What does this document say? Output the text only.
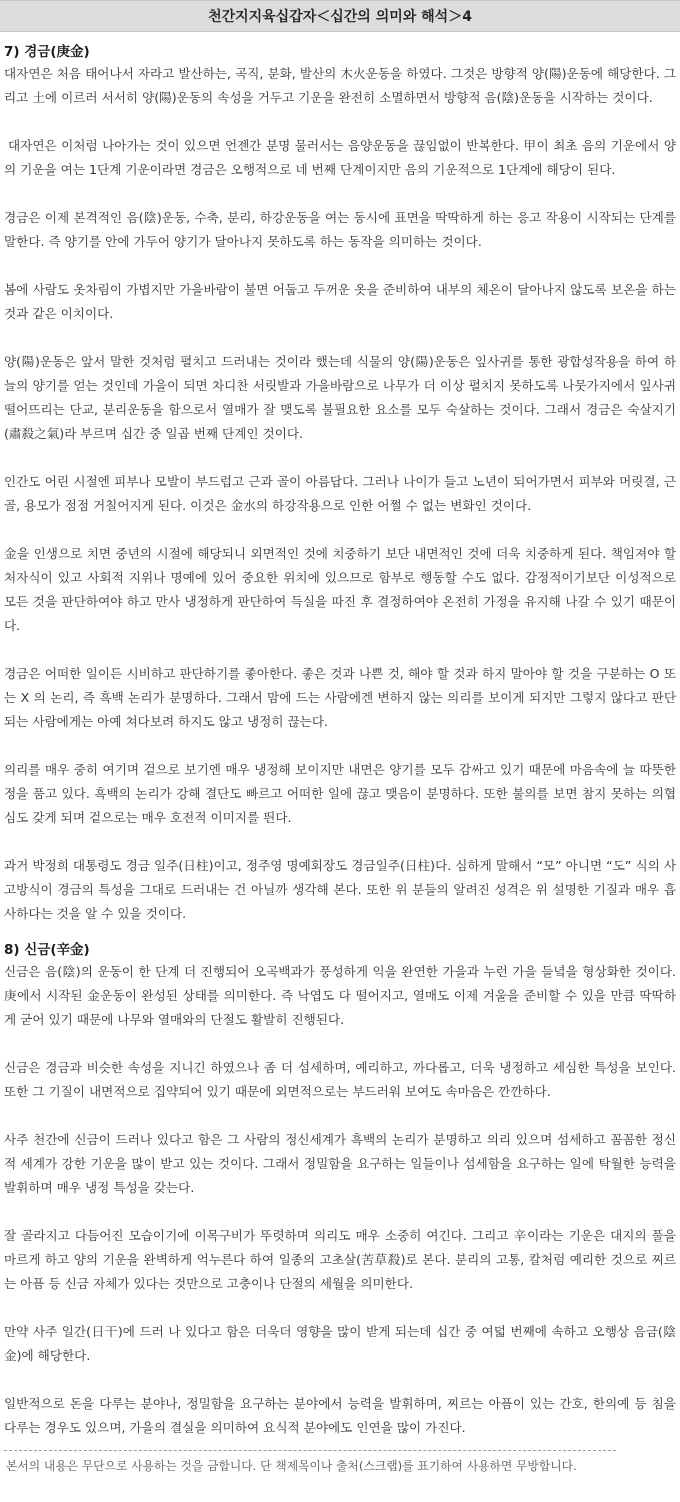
천간지지육십갑자＜십간의 의미와 해석＞4
7) 경금(庚金)

대자연은 처음 태어나서 자라고 발산하는, 곡직, 분화, 발산의 木火운동을 하였다. 그것은 방향적 양(陽)운동에 해당한다. 그리고 土에 이르러 서서히 양(陽)운동의 속성을 거두고 기운을 완전히 소멸하면서 방향적 음(陰)운동을 시작하는 것이다.

대자연은 이처럼 나아가는 것이 있으면 언젠간 분명 물러서는 음양운동을 끊임없이 반복한다. 甲이 최초 음의 기운에서 양의 기운을 여는 1단계 기운이라면 경금은 오행적으로 네 번째 단계이지만 음의 기운적으로 1단계에 해당이 된다.

경금은 이제 본격적인 음(陰)운동, 수축, 분리, 하강운동을 여는 동시에 표면을 딱딱하게 하는 응고 작용이 시작되는 단계를 말한다. 즉 양기를 안에 가두어 양기가 달아나지 못하도록 하는 동작을 의미하는 것이다.

봄에 사람도 옷차림이 가볍지만 가을바람이 불면 어둡고 두꺼운 옷을 준비하여 내부의 체온이 달아나지 않도록 보온을 하는 것과 같은 이치이다.

양(陽)운동은 앞서 말한 것처럼 펼치고 드러내는 것이라 했는데 식물의 양(陽)운동은 잎사귀를 통한 광합성작용을 하여 하늘의 양기를 얻는 것인데 가을이 되면 차디찬 서릿발과 가을바람으로 나무가 더 이상 펼치지 못하도록 나뭇가지에서 잎사귀 떨어뜨리는 단교, 분리운동을 함으로서 열매가 잘 맺도록 불필요한 요소를 모두 숙살하는 것이다. 그래서 경금은 숙살지기(肅殺之氣)라 부르며 십간 중 일곱 번째 단계인 것이다.

인간도 어린 시절엔 피부나 모발이 부드럽고 근과 골이 아름답다. 그러나 나이가 들고 노년이 되어가면서 피부와 머릿결, 근골, 용모가 점점 거칠어지게 된다. 이것은 金水의 하강작용으로 인한 어쩔 수 없는 변화인 것이다.

金을 인생으로 치면 중년의 시절에 해당되니 외면적인 것에 치중하기 보단 내면적인 것에 더욱 치중하게 된다. 책임져야 할 처자식이 있고 사회적 지위나 명예에 있어 중요한 위치에 있으므로 함부로 행동할 수도 없다. 감정적이기보단 이성적으로 모든 것을 판단하여야 하고 만사 냉정하게 판단하여 득실을 따진 후 결정하여야 온전히 가정을 유지해 나갈 수 있기 때문이다.

경금은 어떠한 일이든 시비하고 판단하기를 좋아한다. 좋은 것과 나쁜 것, 해야 할 것과 하지 말아야 할 것을 구분하는 O 또는 X 의 논리, 즉 흑백 논리가 분명하다. 그래서 맘에 드는 사람에겐 변하지 않는 의리를 보이게 되지만 그렇지 않다고 판단되는 사람에게는 아예 쳐다보려 하지도 않고 냉정히 끊는다.

의리를 매우 중히 여기며 겉으로 보기엔 매우 냉정해 보이지만 내면은 양기를 모두 감싸고 있기 때문에 마음속에 늘 따뜻한 정을 품고 있다. 흑백의 논리가 강해 결단도 빠르고 어떠한 일에 끊고 맺음이 분명하다. 또한 불의를 보면 참지 못하는 의협심도 갖게 되며 겉으로는 매우 호전적 이미지를 띈다.

과거 박정희 대통령도 경금 일주(日柱)이고, 정주영 명예회장도 경금일주(日柱)다. 심하게 말해서 “모” 아니면 “도” 식의 사고방식이 경금의 특성을 그대로 드러내는 건 아닐까 생각해 본다. 또한 위 분들의 알려진 성격은 위 설명한 기질과 매우 흡사하다는 것을 알 수 있을 것이다.

8) 신금(辛金)

신금은 음(陰)의 운동이 한 단계 더 진행되어 오곡백과가 풍성하게 익을 완연한 가을과 누런 가을 들녘을 형상화한 것이다. 庚에서 시작된 金운동이 완성된 상태를 의미한다. 즉 낙엽도 다 떨어지고, 열매도 이제 겨울을 준비할 수 있을 만큼 딱딱하게 굳어 있기 때문에 나무와 열매와의 단절도 활발히 진행된다.

신금은 경금과 비슷한 속성을 지니긴 하였으나 좀 더 섬세하며, 예리하고, 까다롭고, 더욱 냉정하고 세심한 특성을 보인다. 또한 그 기질이 내면적으로 집약되어 있기 때문에 외면적으로는 부드러워 보여도 속마음은 깐깐하다.

사주 천간에 신금이 드러나 있다고 함은 그 사람의 정신세계가 흑백의 논리가 분명하고 의리 있으며 섬세하고 꼼꼼한 정신적 세계가 강한 기운을 많이 받고 있는 것이다. 그래서 정밀함을 요구하는 일들이나 섬세함을 요구하는 일에 탁월한 능력을 발휘하며 매우 냉정 특성을 갖는다.

잘 골라지고 다듬어진 모습이기에 이목구비가 뚜렷하며 의리도 매우 소중히 여긴다. 그리고 辛이라는 기운은 대지의 풀을 마르게 하고 양의 기운을 완벽하게 억누른다 하여 일종의 고초살(苦草殺)로 본다. 분리의 고통, 칼처럼 예리한 것으로 찌르는 아픔 등 신금 자체가 있다는 것만으로 고충이나 단절의 세월을 의미한다.

만약 사주 일간(日干)에 드러 나 있다고 함은 더욱더 영향을 많이 받게 되는데 십간 중 여덟 번째에 속하고 오행상 음금(陰金)에 해당한다.

일반적으로 돈을 다루는 분야나, 정밀함을 요구하는 분야에서 능력을 발휘하며, 찌르는 아픔이 있는 간호, 한의예 등 침을 다루는 경우도 있으며, 가을의 결실을 의미하여 요식적 분야에도 인연을 많이 가진다.

본서의 내용은 무단으로 사용하는 것을 금합니다. 단 책제목이나 출처(스크랩)를 표기하여 사용하면 무방합니다.
